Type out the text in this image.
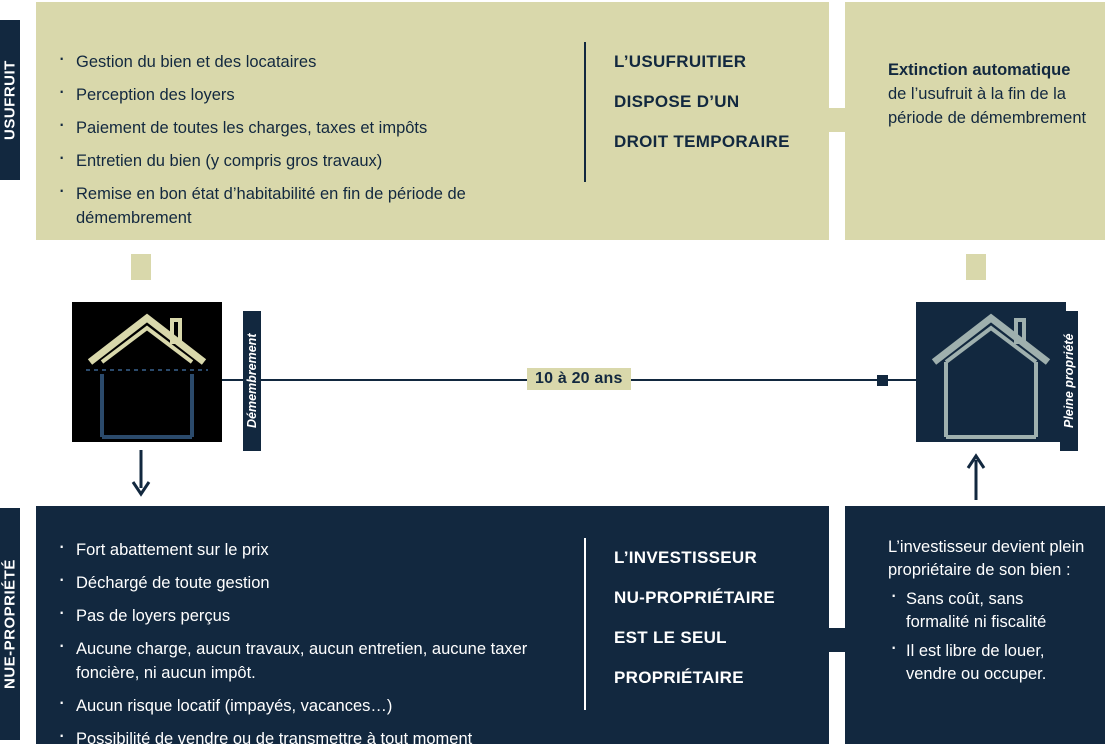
USUFRUIT
NUE-PROPRIÉTÉ
· Gestion du bien et des locataires
· Perception des loyers
· Paiement de toutes les charges, taxes et impôts
· Entretien du bien (y compris gros travaux)
· Remise en bon état d’habitabilité en fin de période de démembrement
L’USUFRUITIER
DISPOSE D’UN
DROIT TEMPORAIRE
Extinction automatique
de l’usufruit à la fin de la période de démembrement
10 à 20 ans
Démembrement	Pleine propriété
· Fort abattement sur le prix
· Déchargé de toute gestion
· Pas de loyers perçus
· Aucune charge, aucun travaux, aucun entretien, aucune taxer foncière, ni aucun impôt.
· Aucun risque locatif (impayés, vacances…)
· Possibilité de vendre ou de transmettre à tout moment
L’INVESTISSEUR
NU-PROPRIÉTAIRE
EST LE SEUL
PROPRIÉTAIRE
L’investisseur devient plein propriétaire de son bien :
· Sans coût, sans formalité ni fiscalité
· Il est libre de louer, vendre ou occuper.
